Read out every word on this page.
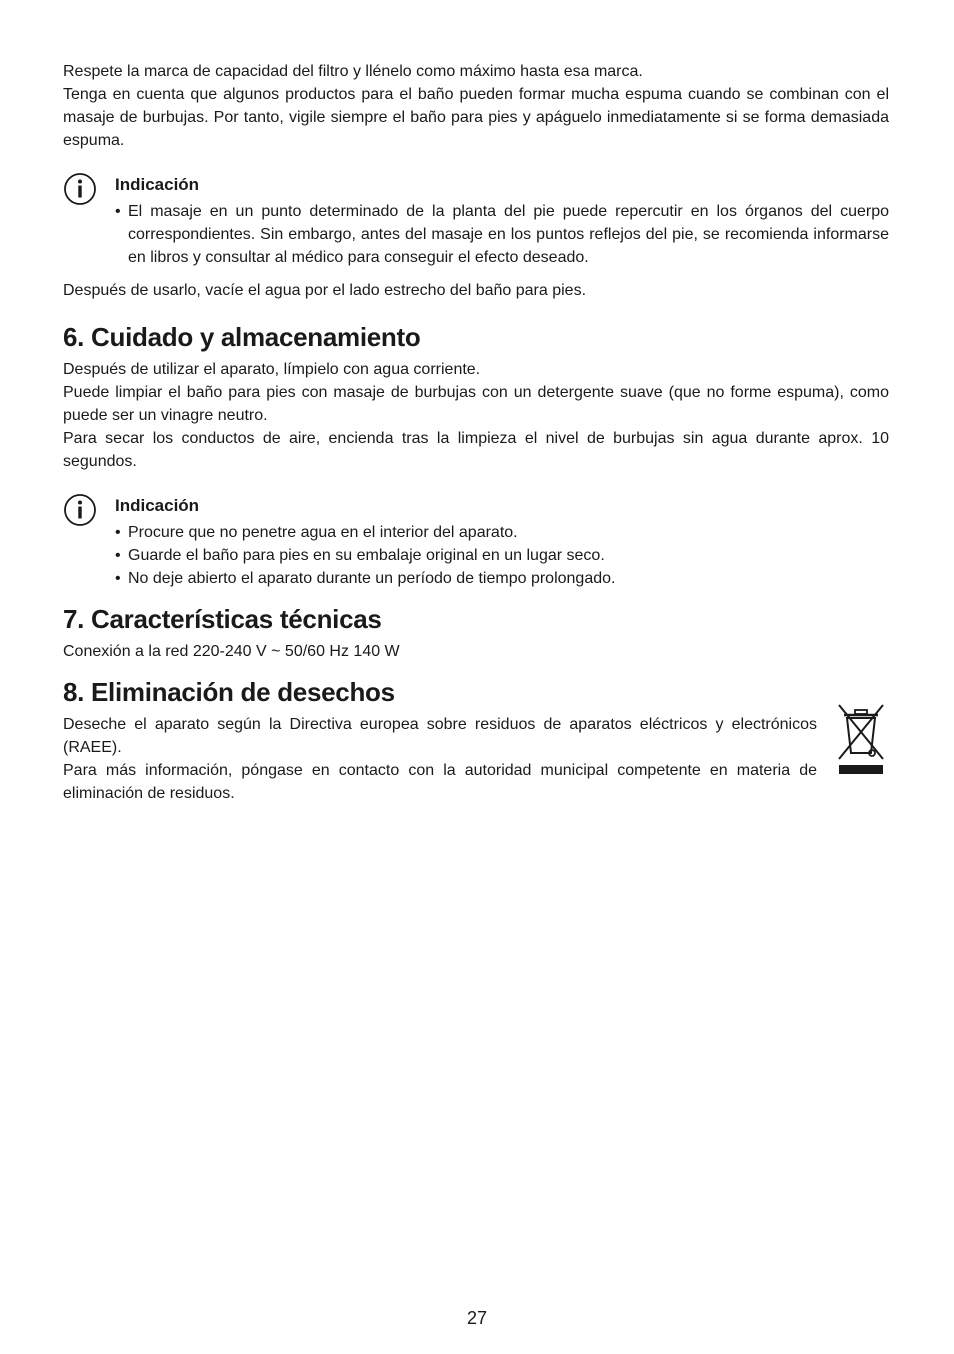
Respete la marca de capacidad del filtro y llénelo como máximo hasta esa marca.

Tenga en cuenta que algunos productos para el baño pueden formar mucha espuma cuando se combinan con el masaje de burbujas. Por tanto, vigile siempre el baño para pies y apáguelo inmediatamente si se forma demasiada espuma.

Indicación
• El masaje en un punto determinado de la planta del pie puede repercutir en los órganos del cuerpo correspondientes. Sin embargo, antes del masaje en los puntos reflejos del pie, se recomienda informarse en libros y consultar al médico para conseguir el efecto deseado.

Después de usarlo, vacíe el agua por el lado estrecho del baño para pies.

6. Cuidado y almacenamiento

Después de utilizar el aparato, límpielo con agua corriente.

Puede limpiar el baño para pies con masaje de burbujas con un detergente suave (que no forme espuma), como puede ser un vinagre neutro.

Para secar los conductos de aire, encienda tras la limpieza el nivel de burbujas sin agua durante aprox. 10 segundos.

Indicación
• Procure que no penetre agua en el interior del aparato.
• Guarde el baño para pies en su embalaje original en un lugar seco.
• No deje abierto el aparato durante un período de tiempo prolongado.
7. Características técnicas

Conexión a la red 220-240 V ~ 50/60 Hz 140 W

8. Eliminación de desechos

Deseche el aparato según la Directiva europea sobre residuos de aparatos eléctricos y electrónicos (RAEE).

Para más información, póngase en contacto con la autoridad municipal competente en materia de eliminación de residuos.

27
